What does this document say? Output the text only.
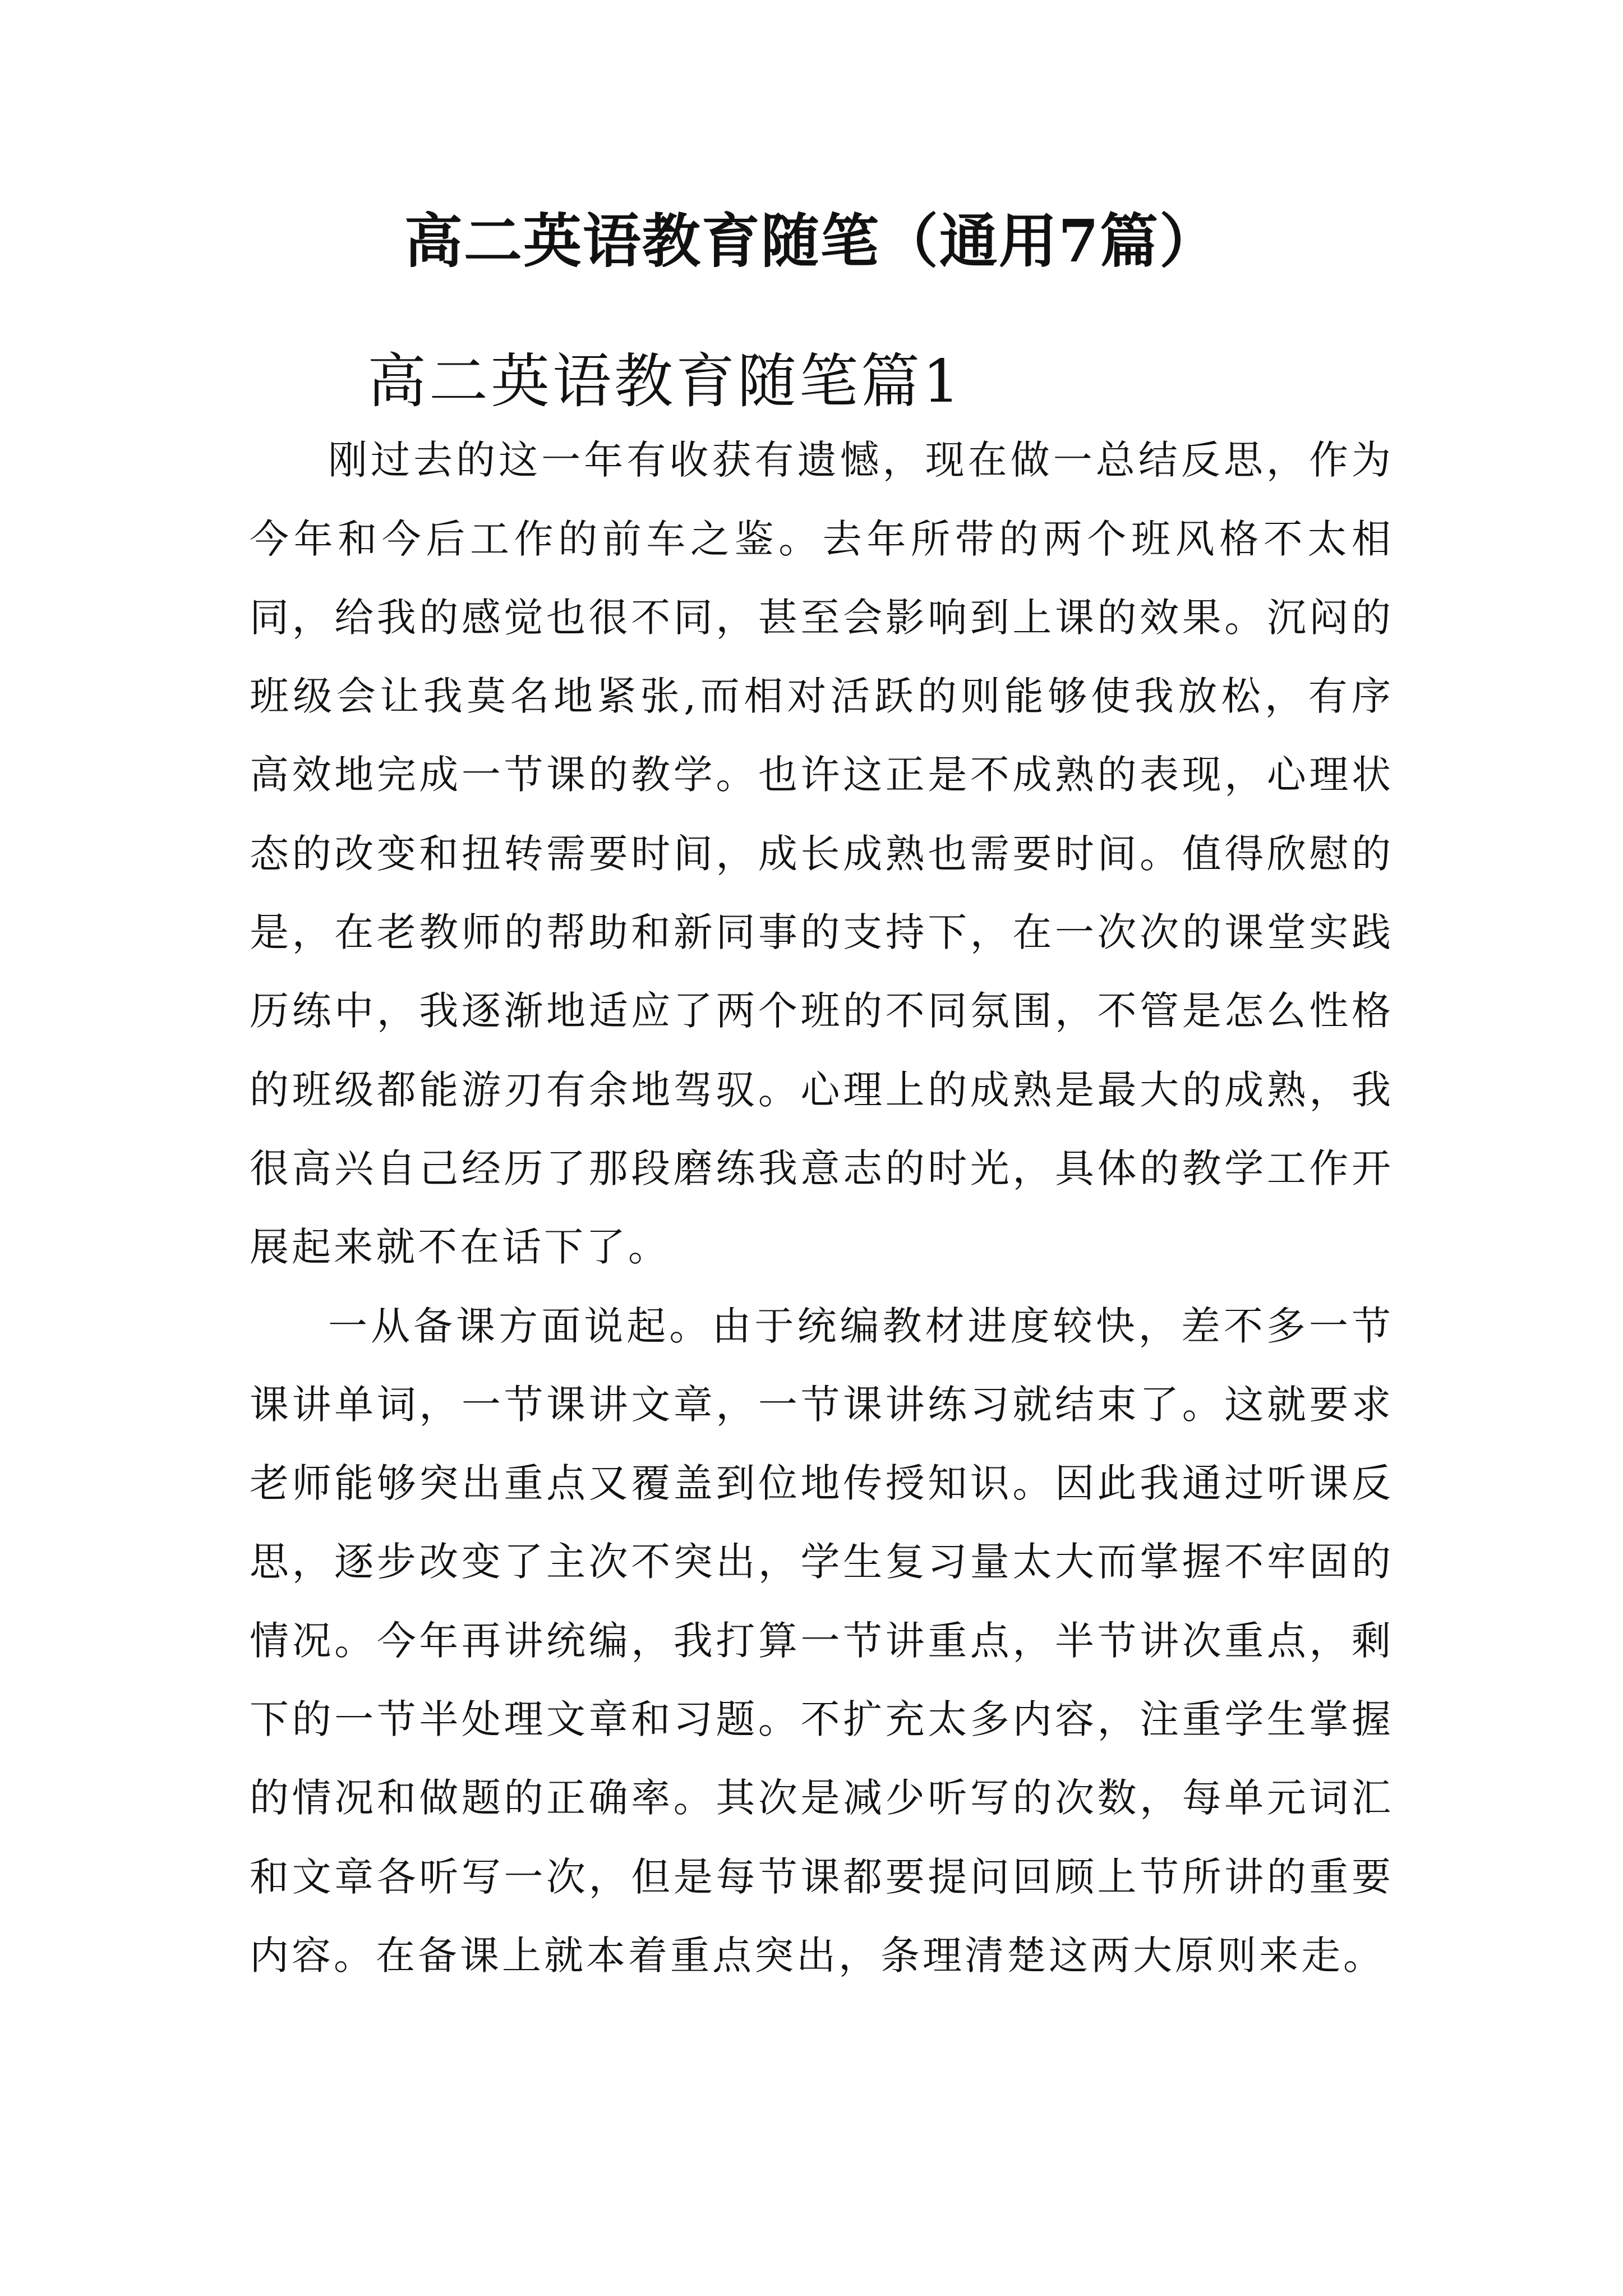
高二英语教育随笔（通用7篇）
高二英语教育随笔篇1

刚过去的这一年有收获有遗憾，现在做一总结反思，作为今年和今后工作的前车之鉴。去年所带的两个班风格不太相同，给我的感觉也很不同，甚至会影响到上课的效果。沉闷的班级会让我莫名地紧张,而相对活跃的则能够使我放松，有序高效地完成一节课的教学。也许这正是不成熟的表现，心理状态的改变和扭转需要时间，成长成熟也需要时间。值得欣慰的是，在老教师的帮助和新同事的支持下，在一次次的课堂实践历练中，我逐渐地适应了两个班的不同氛围，不管是怎么性格的班级都能游刃有余地驾驭。心理上的成熟是最大的成熟，我很高兴自己经历了那段磨练我意志的时光，具体的教学工作开展起来就不在话下了。

一从备课方面说起。由于统编教材进度较快，差不多一节课讲单词，一节课讲文章，一节课讲练习就结束了。这就要求老师能够突出重点又覆盖到位地传授知识。因此我通过听课反思，逐步改变了主次不突出，学生复习量太大而掌握不牢固的情况。今年再讲统编，我打算一节讲重点，半节讲次重点，剩下的一节半处理文章和习题。不扩充太多内容，注重学生掌握的情况和做题的正确率。其次是减少听写的次数，每单元词汇和文章各听写一次，但是每节课都要提问回顾上节所讲的重要内容。在备课上就本着重点突出，条理清楚这两大原则来走。
